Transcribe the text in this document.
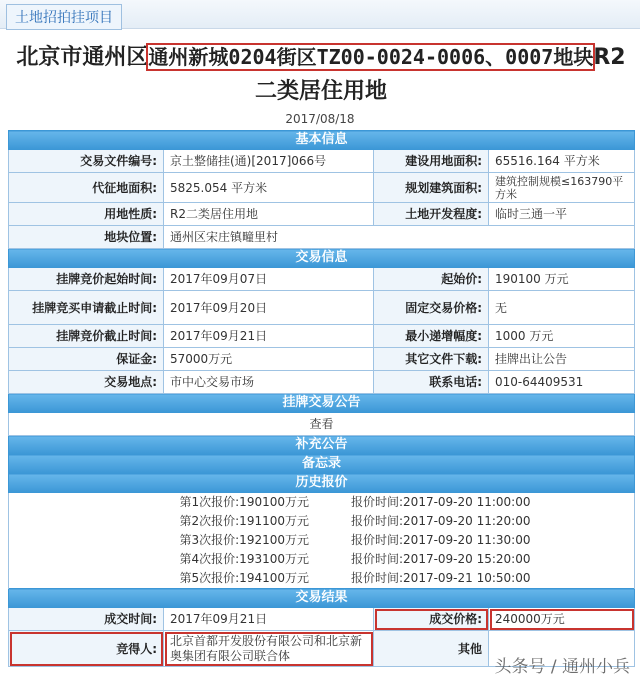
土地招拍挂项目
北京市通州区通州新城0204街区TZ00-0024-0006、0007地块R2二类居住用地
2017/08/18
基本信息			
交易文件编号:	京土整储挂(通)[2017]066号	建设用地面积:	65516.164 平方米
代征地面积:	5825.054 平方米	规划建筑面积:	建筑控制规模≤163790平方米
用地性质:	R2二类居住用地	土地开发程度:	临时三通一平
地块位置:	通州区宋庄镇疃里村		
交易信息			
挂牌竞价起始时间:	2017年09月07日	起始价:	190100 万元
挂牌竞买申请截止时间:	2017年09月20日	固定交易价格:	无
挂牌竞价截止时间:	2017年09月21日	最小递增幅度:	1000 万元
保证金:	57000万元	其它文件下载:	挂牌出让公告
交易地点:	市中心交易市场	联系电话:	010-64409531
挂牌交易公告			
查看			
补充公告			
备忘录			
历史报价			

第1次报价:190100万元 报价时间:2017-09-20 11:00:00			

第2次报价:191100万元 报价时间:2017-09-20 11:20:00			

第3次报价:192100万元 报价时间:2017-09-20 11:30:00			

第4次报价:193100万元 报价时间:2017-09-20 15:20:00			

第5次报价:194100万元 报价时间:2017-09-21 10:50:00			

交易结果			
成交时间:	2017年09月21日	成交价格:	240000万元
竞得人:	北京首都开发股份有限公司和北京新奥集团有限公司联合体	其他	
头条号 / 通州小兵
